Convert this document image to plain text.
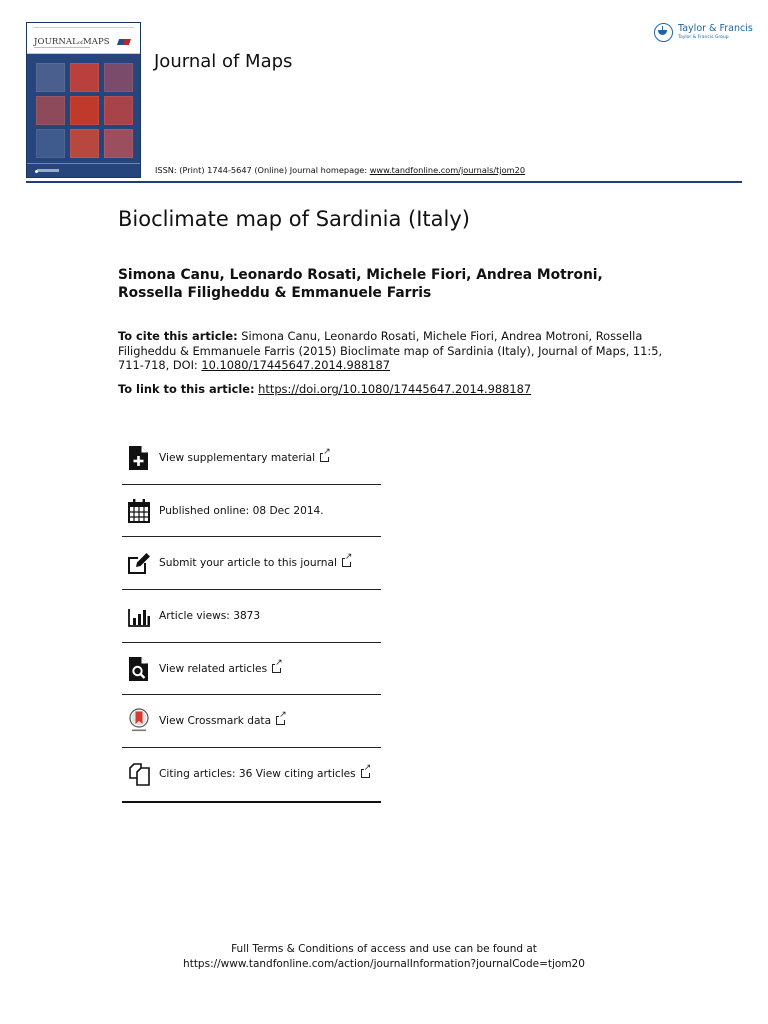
JOURNALofMAPS
Journal of Maps
ISSN: (Print) 1744-5647 (Online) Journal homepage: www.tandfonline.com/journals/tjom20
Taylor & Francis
Taylor & Francis Group
Bioclimate map of Sardinia (Italy)
Simona Canu, Leonardo Rosati, Michele Fiori, Andrea Motroni, Rossella Filigheddu & Emmanuele Farris
To cite this article: Simona Canu, Leonardo Rosati, Michele Fiori, Andrea Motroni, Rossella Filigheddu & Emmanuele Farris (2015) Bioclimate map of Sardinia (Italy), Journal of Maps, 11:5, 711-718, DOI: 10.1080/17445647.2014.988187
To link to this article: https://doi.org/10.1080/17445647.2014.988187
View supplementary material↗
Published online: 08 Dec 2014.
Submit your article to this journal↗
Article views: 3873
View related articles↗
View Crossmark data↗
Citing articles: 36 View citing articles↗
Full Terms & Conditions of access and use can be found at
https://www.tandfonline.com/action/journalInformation?journalCode=tjom20
